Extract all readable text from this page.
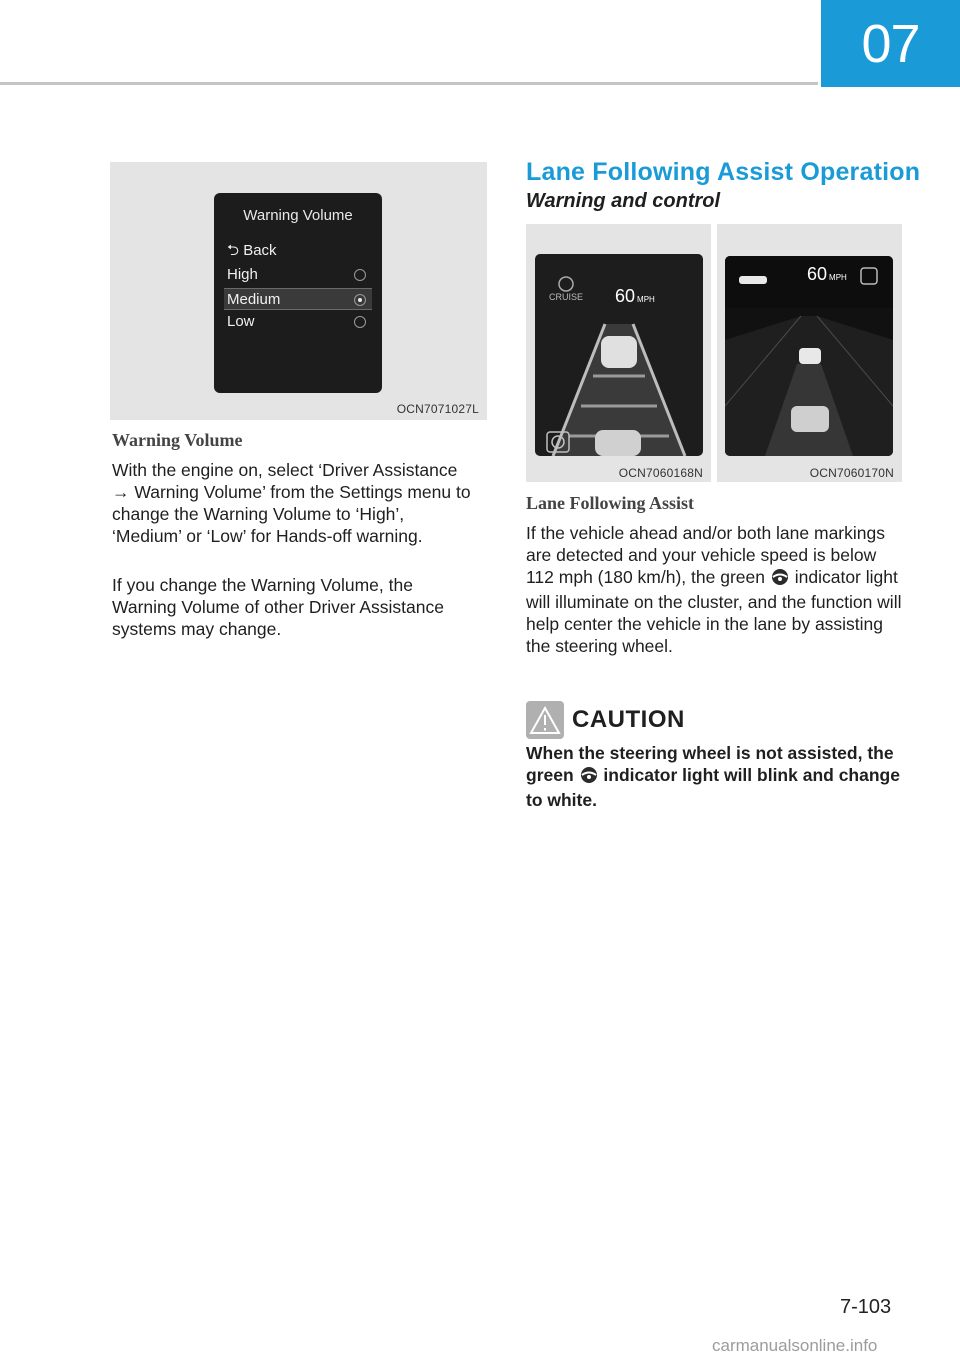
07
Warning Volume
⮌ Back
High
Medium
Low
OCN7071027L
Warning Volume
With the engine on, select ‘Driver Assistance → Warning Volume’ from the Settings menu to change the Warning Volume to ‘High’, ‘Medium’ or ‘Low’ for Hands-off warning.
If you change the Warning Volume, the Warning Volume of other Driver Assistance systems may change.
Lane Following Assist Operation
Warning and control
CRUISE 60 MPH
OCN7060168N
60 MPH
OCN7060170N
Lane Following Assist
If the vehicle ahead and/or both lane markings are detected and your vehicle speed is below 112 mph (180 km/h), the green indicator light will illuminate on the cluster, and the function will help center the vehicle in the lane by assisting the steering wheel.
CAUTION
When the steering wheel is not assisted, the green indicator light will blink and change to white.
7-103
carmanualsonline.info
